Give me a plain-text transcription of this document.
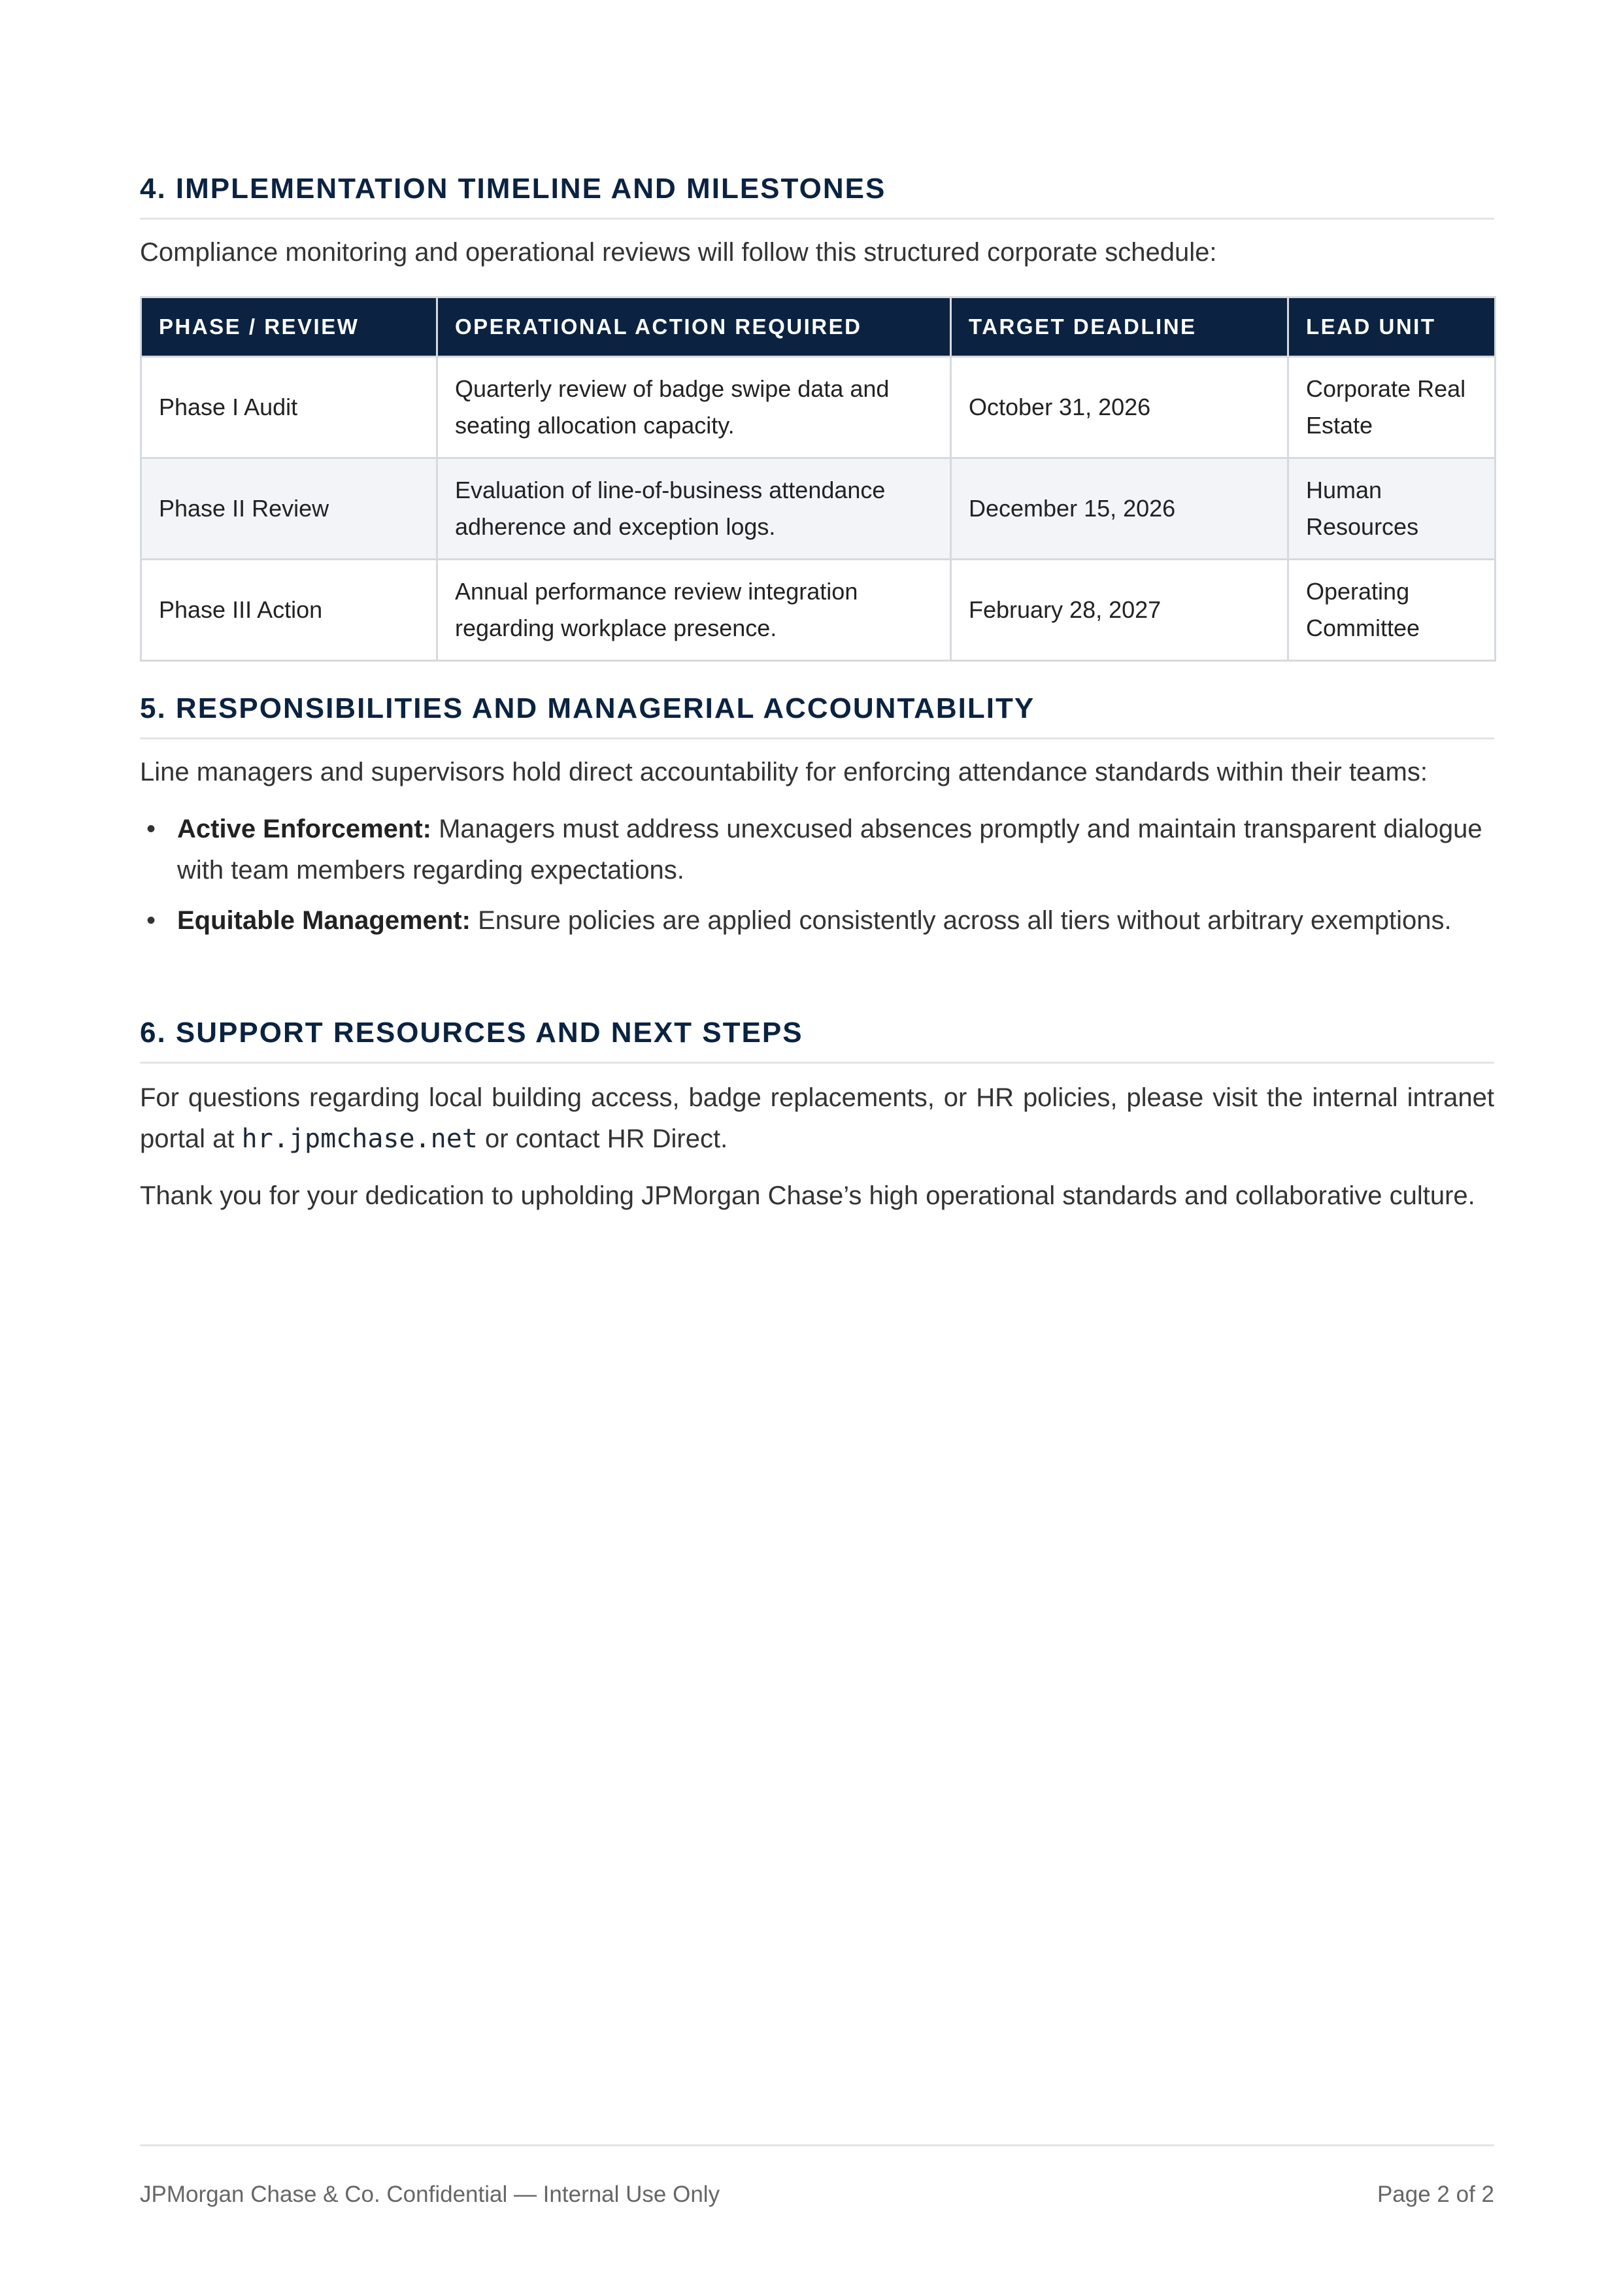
4. IMPLEMENTATION TIMELINE AND MILESTONES

Compliance monitoring and operational reviews will follow this structured corporate schedule:

PHASE / REVIEW	OPERATIONAL ACTION REQUIRED	TARGET DEADLINE	LEAD UNIT
Phase I Audit	Quarterly review of badge swipe data and seating allocation capacity.	October 31, 2026	Corporate Real Estate
Phase II Review	Evaluation of line-of-business attendance adherence and exception logs.	December 15, 2026	Human Resources
Phase III Action	Annual performance review integration regarding workplace presence.	February 28, 2027	Operating Committee
5. RESPONSIBILITIES AND MANAGERIAL ACCOUNTABILITY

Line managers and supervisors hold direct accountability for enforcing attendance standards within their teams:

• Active Enforcement: Managers must address unexcused absences promptly and maintain transparent dialogue with team members regarding expectations.
• Equitable Management: Ensure policies are applied consistently across all tiers without arbitrary exemptions.
6. SUPPORT RESOURCES AND NEXT STEPS

For questions regarding local building access, badge replacements, or HR policies, please visit the internal intranet portal at hr.jpmchase.net or contact HR Direct.

Thank you for your dedication to upholding JPMorgan Chase’s high operational standards and collaborative culture.

JPMorgan Chase & Co. Confidential — Internal Use Only	Page 2 of 2
